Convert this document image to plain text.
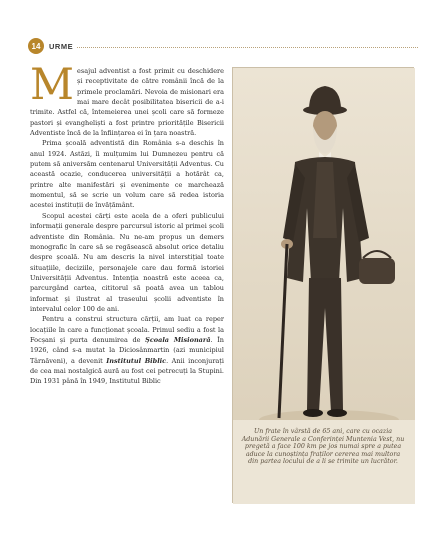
14	URME

Mesajul adventist a fost primit cu deschidere și receptivitate de către românii încă de la primele proclamări. Nevoia de misionari era mai mare decât posibilitatea bisericii de a-i trimite. Astfel că, întemeierea unei școli care să formeze pastori și evangheliști a fost printre prioritățile Bisericii Adventiste încă de la înființarea ei în țara noastră.

Prima școală adventistă din România s-a deschis în anul 1924. Astăzi, îi mulțumim lui Dumnezeu pentru că putem să aniversăm centenarul Universității Adventus. Cu această ocazie, conducerea universității a hotărât ca, printre alte manifestări și evenimente ce marchează momentul, să se scrie un volum care să redea istoria acestei instituții de învățământ.

Scopul acestei cărți este acela de a oferi publicului informații generale despre parcursul istoric al primei școli adventiste din România. Nu ne-am propus un demers monografic în care să se regăsească absolut orice detaliu despre școală. Nu am descris la nivel interstițial toate situațiile, deciziile, personajele care dau formă istoriei Universității Adventus. Intenția noastră este aceea ca, parcurgând cartea, cititorul să poată avea un tablou informat și ilustrat al traseului școlii adventiste în intervalul celor 100 de ani.

Pentru a construi structura cărții, am luat ca reper locațiile în care a funcționat școala. Primul sediu a fost la Focșani și purta denumirea de Școala Misionară. În 1926, când s-a mutat la Diciosânmartin (azi municipiul Târnăveni), a devenit Institutul Biblic. Anii inconjurați de cea mai nostalgică aură au fost cei petrecuți la Stupini. Din 1931 până în 1949, Institutul Biblic

Un frate în vârstă de 65 ani, care cu ocazia Adunării Generale a Conferinței Muntenia Vest, nu pregetă a face 100 km pe jos numai spre a putea aduce la cunoștința fraților cererea mai multora din partea locului de a li se trimite un lucrător.
